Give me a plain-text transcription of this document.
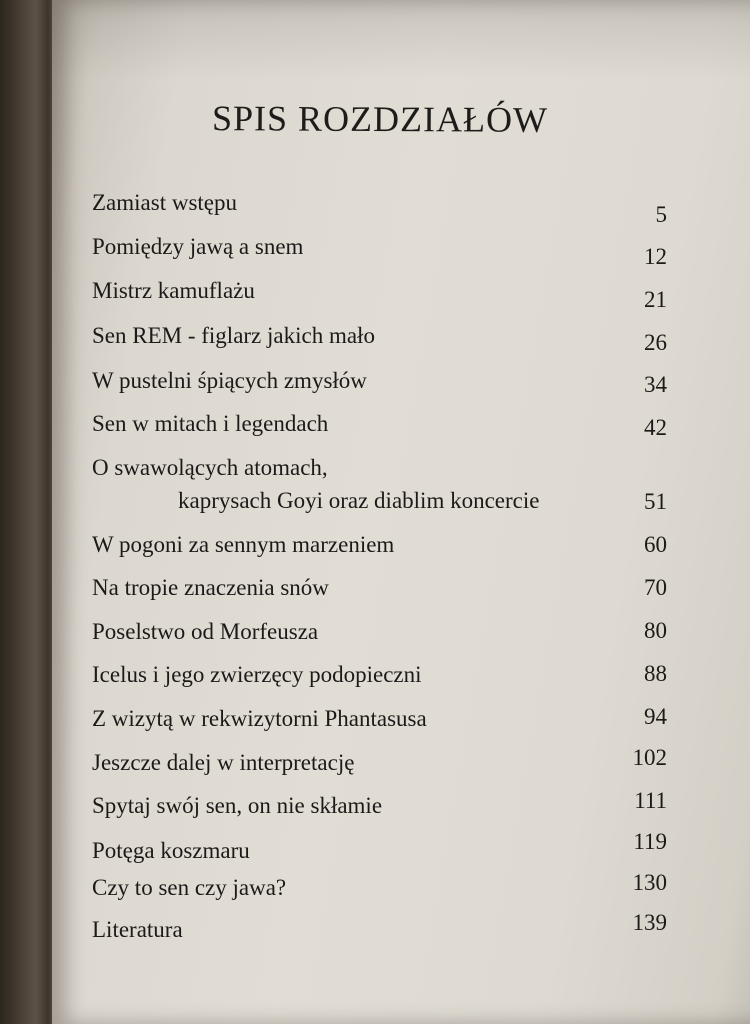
SPIS ROZDZIAŁÓW
Zamiast wstępu	5
Pomiędzy jawą a snem	12
Mistrz kamuflażu	21
Sen REM - figlarz jakich mało	26
W pustelni śpiących zmysłów	34
Sen w mitach i legendach	42
O swawolących atomach,
kaprysach Goyi oraz diablim koncercie	51
W pogoni za sennym marzeniem	60
Na tropie znaczenia snów	70
Poselstwo od Morfeusza	80
Icelus i jego zwierzęcy podopieczni	88
Z wizytą w rekwizytorni Phantasusa	94
Jeszcze dalej w interpretację	102
Spytaj swój sen, on nie skłamie	111
Potęga koszmaru	119
Czy to sen czy jawa?	130
Literatura	139
